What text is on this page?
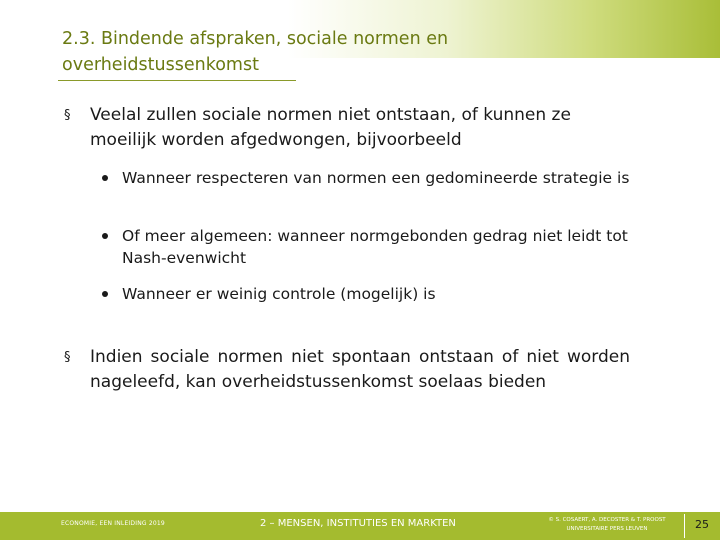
2.3. Bindende afspraken, sociale normen en
overheidstussenkomst
§	Veelal zullen sociale normen niet ontstaan, of kunnen ze moeilijk worden afgedwongen, bijvoorbeeld
Wanneer respecteren van normen een gedomineerde strategie is
Of meer algemeen: wanneer normgebonden gedrag niet leidt tot Nash-evenwicht
Wanneer er weinig controle (mogelijk) is
§	Indien sociale normen niet spontaan ontstaan of niet worden nageleefd, kan overheidstussenkomst soelaas bieden
ECONOMIE, EEN INLEIDING 2019	2 – MENSEN, INSTITUTIES EN MARKTEN	© S. COSAERT, A. DECOSTER & T. PROOST
UNIVERSITAIRE PERS LEUVEN	25
